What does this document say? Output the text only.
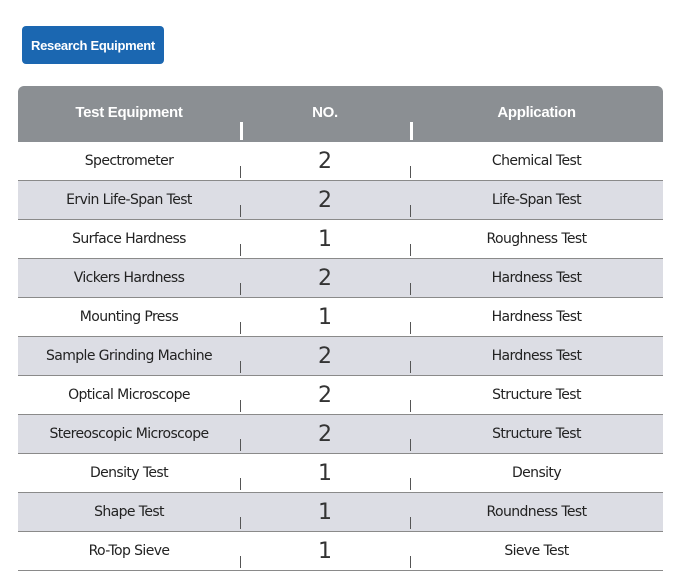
Research Equipment
Test Equipment	NO.	Application
Spectrometer	2	Chemical Test
Ervin Life-Span Test	2	Life-Span Test
Surface Hardness	1	Roughness Test
Vickers Hardness	2	Hardness Test
Mounting Press	1	Hardness Test
Sample Grinding Machine	2	Hardness Test
Optical Microscope	2	Structure Test
Stereoscopic Microscope	2	Structure Test
Density Test	1	Density
Shape Test	1	Roundness Test
Ro-Top Sieve	1	Sieve Test
